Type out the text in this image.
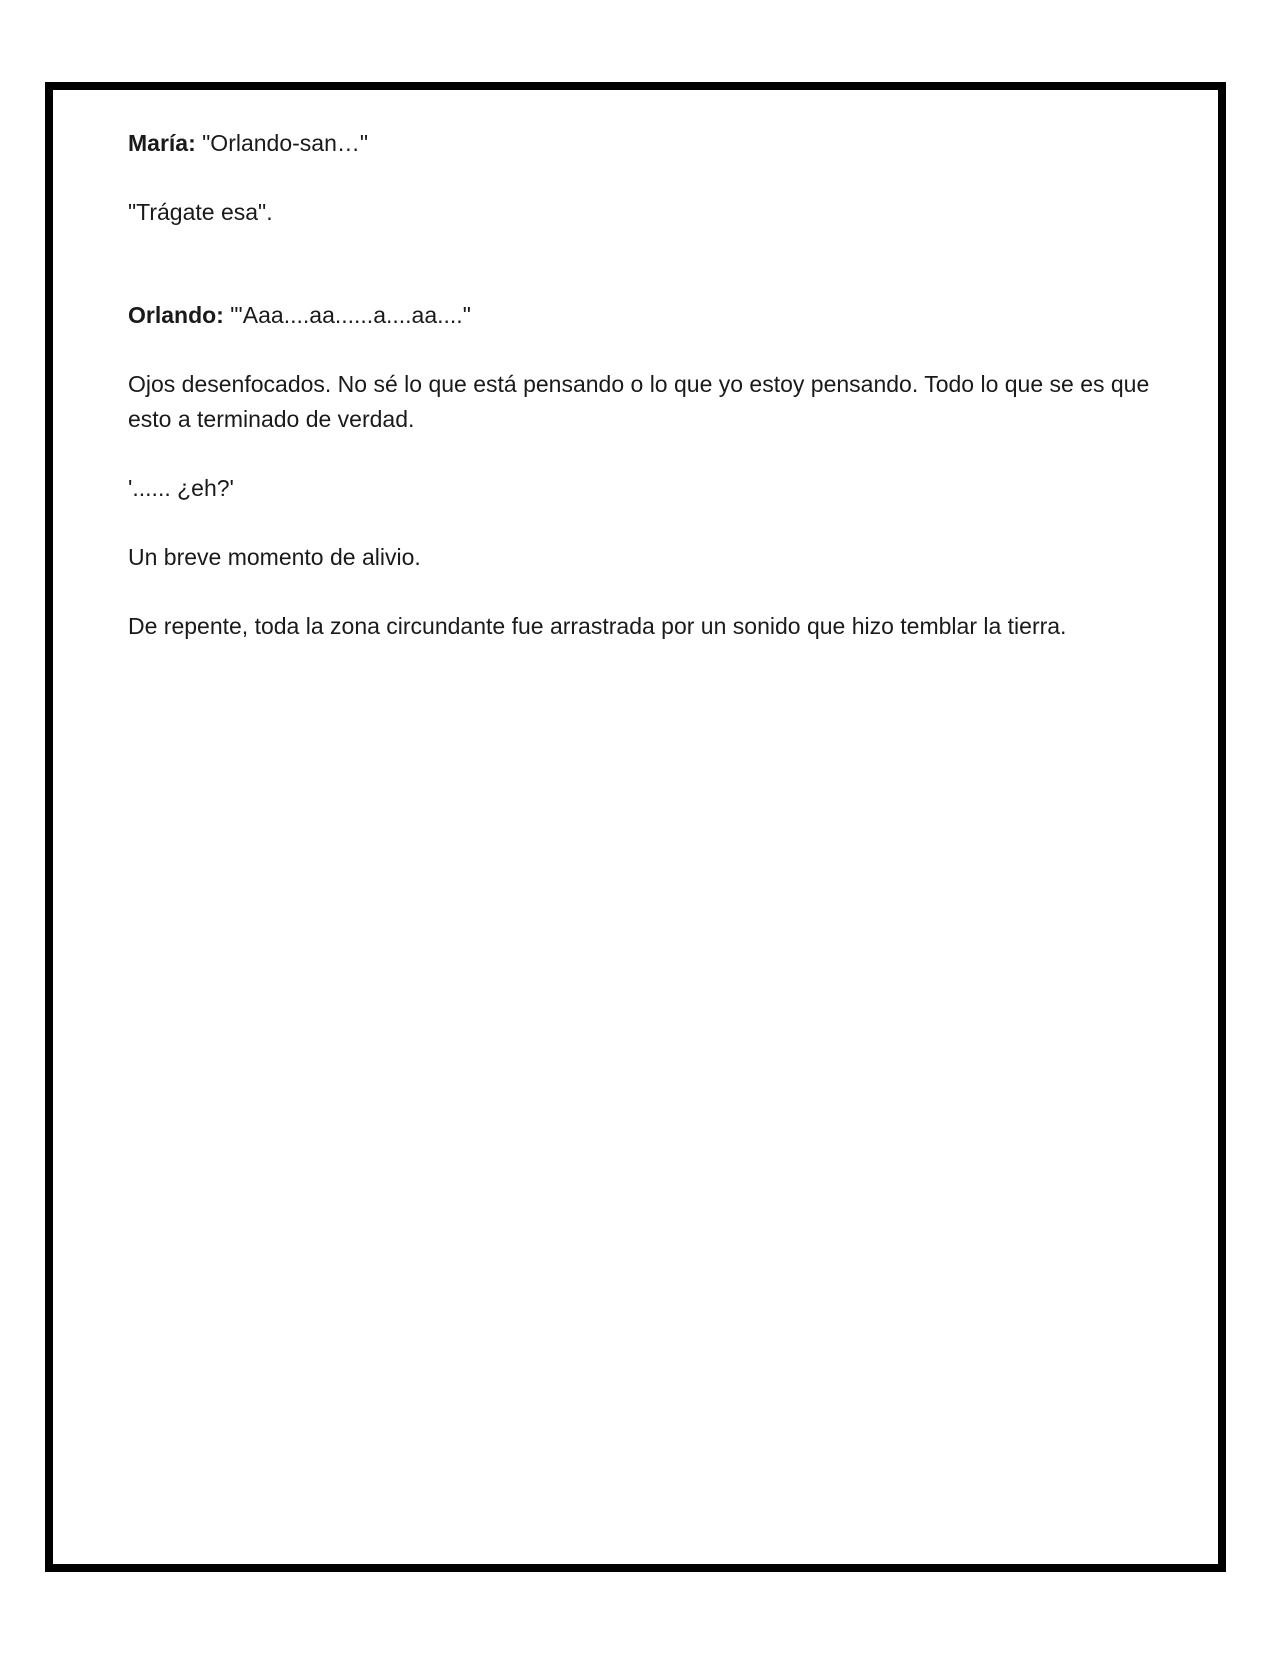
María: "Orlando-san…"

"Trágate esa".

Orlando: "'Aaa....aa......a....aa...."

Ojos desenfocados. No sé lo que está pensando o lo que yo estoy pensando. Todo lo que se es que esto a terminado de verdad.

'...... ¿eh?'

Un breve momento de alivio.

De repente, toda la zona circundante fue arrastrada por un sonido que hizo temblar la tierra.
